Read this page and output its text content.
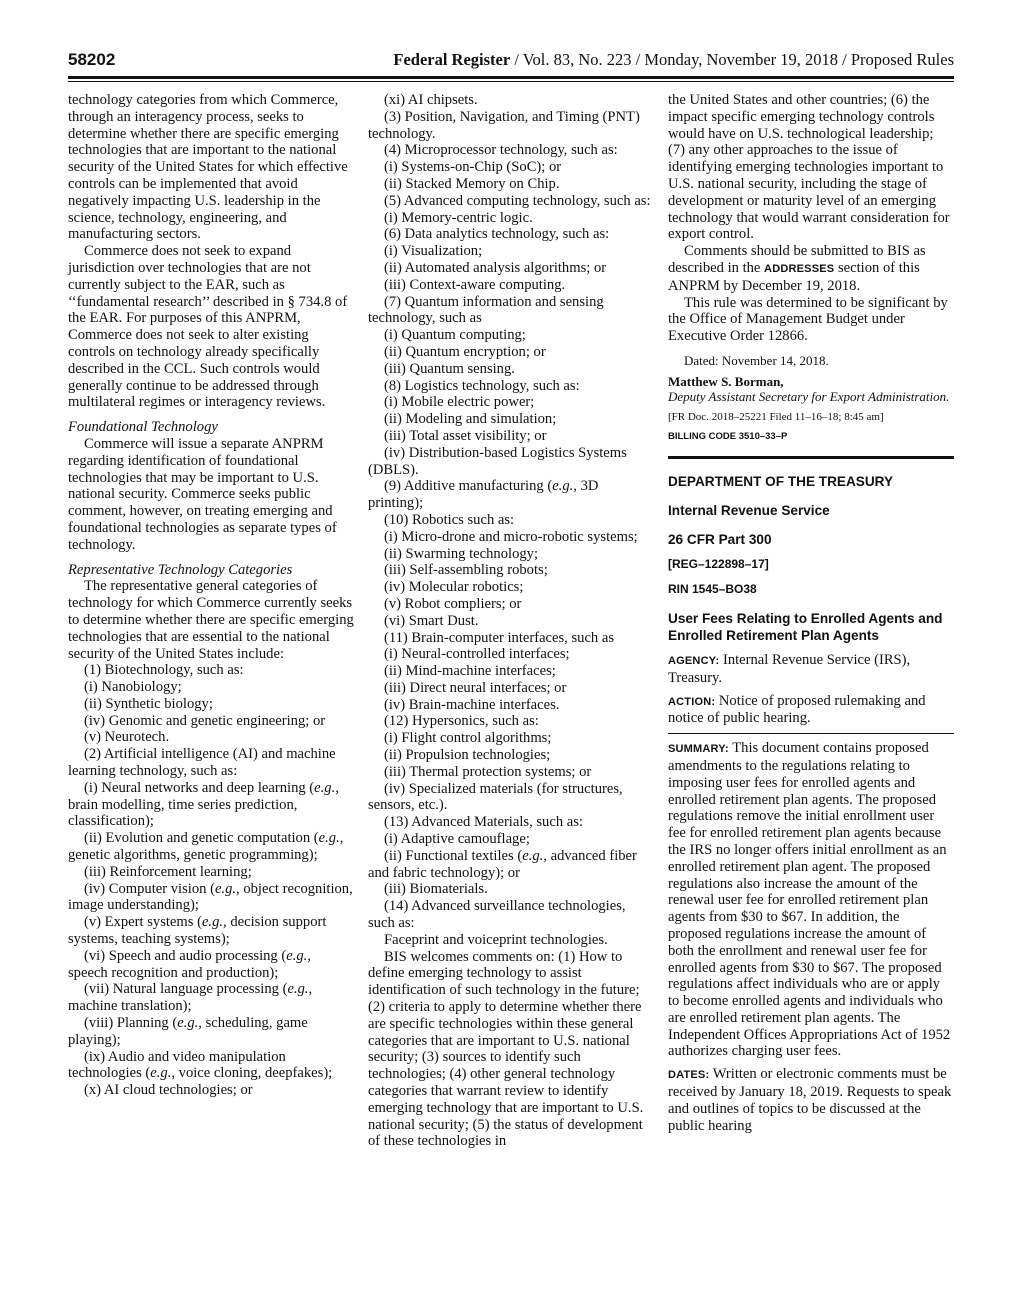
58202	Federal Register / Vol. 83, No. 223 / Monday, November 19, 2018 / Proposed Rules

technology categories from which Commerce, through an interagency process, seeks to determine whether there are specific emerging technologies that are important to the national security of the United States for which effective controls can be implemented that avoid negatively impacting U.S. leadership in the science, technology, engineering, and manufacturing sectors.

Commerce does not seek to expand jurisdiction over technologies that are not currently subject to the EAR, such as ‘‘fundamental research’’ described in § 734.8 of the EAR. For purposes of this ANPRM, Commerce does not seek to alter existing controls on technology already specifically described in the CCL. Such controls would generally continue to be addressed through multilateral regimes or interagency reviews.

Foundational Technology

Commerce will issue a separate ANPRM regarding identification of foundational technologies that may be important to U.S. national security. Commerce seeks public comment, however, on treating emerging and foundational technologies as separate types of technology.

Representative Technology Categories

The representative general categories of technology for which Commerce currently seeks to determine whether there are specific emerging technologies that are essential to the national security of the United States include:

(1) Biotechnology, such as:

(i) Nanobiology;

(ii) Synthetic biology;

(iv) Genomic and genetic engineering; or

(v) Neurotech.

(2) Artificial intelligence (AI) and machine learning technology, such as:

(i) Neural networks and deep learning (e.g., brain modelling, time series prediction, classification);

(ii) Evolution and genetic computation (e.g., genetic algorithms, genetic programming);

(iii) Reinforcement learning;

(iv) Computer vision (e.g., object recognition, image understanding);

(v) Expert systems (e.g., decision support systems, teaching systems);

(vi) Speech and audio processing (e.g., speech recognition and production);

(vii) Natural language processing (e.g., machine translation);

(viii) Planning (e.g., scheduling, game playing);

(ix) Audio and video manipulation technologies (e.g., voice cloning, deepfakes);

(x) AI cloud technologies; or

(xi) AI chipsets.

(3) Position, Navigation, and Timing (PNT) technology.

(4) Microprocessor technology, such as:

(i) Systems-on-Chip (SoC); or

(ii) Stacked Memory on Chip.

(5) Advanced computing technology, such as:

(i) Memory-centric logic.

(6) Data analytics technology, such as:

(i) Visualization;

(ii) Automated analysis algorithms; or

(iii) Context-aware computing.

(7) Quantum information and sensing technology, such as

(i) Quantum computing;

(ii) Quantum encryption; or

(iii) Quantum sensing.

(8) Logistics technology, such as:

(i) Mobile electric power;

(ii) Modeling and simulation;

(iii) Total asset visibility; or

(iv) Distribution-based Logistics Systems (DBLS).

(9) Additive manufacturing (e.g., 3D printing);

(10) Robotics such as:

(i) Micro-drone and micro-robotic systems;

(ii) Swarming technology;

(iii) Self-assembling robots;

(iv) Molecular robotics;

(v) Robot compliers; or

(vi) Smart Dust.

(11) Brain-computer interfaces, such as

(i) Neural-controlled interfaces;

(ii) Mind-machine interfaces;

(iii) Direct neural interfaces; or

(iv) Brain-machine interfaces.

(12) Hypersonics, such as:

(i) Flight control algorithms;

(ii) Propulsion technologies;

(iii) Thermal protection systems; or

(iv) Specialized materials (for structures, sensors, etc.).

(13) Advanced Materials, such as:

(i) Adaptive camouflage;

(ii) Functional textiles (e.g., advanced fiber and fabric technology); or

(iii) Biomaterials.

(14) Advanced surveillance technologies, such as:

Faceprint and voiceprint technologies.

BIS welcomes comments on: (1) How to define emerging technology to assist identification of such technology in the future; (2) criteria to apply to determine whether there are specific technologies within these general categories that are important to U.S. national security; (3) sources to identify such technologies; (4) other general technology categories that warrant review to identify emerging technology that are important to U.S. national security; (5) the status of development of these technologies in

the United States and other countries; (6) the impact specific emerging technology controls would have on U.S. technological leadership; (7) any other approaches to the issue of identifying emerging technologies important to U.S. national security, including the stage of development or maturity level of an emerging technology that would warrant consideration for export control.

Comments should be submitted to BIS as described in the ADDRESSES section of this ANPRM by December 19, 2018.

This rule was determined to be significant by the Office of Management Budget under Executive Order 12866.

Dated: November 14, 2018.

Matthew S. Borman,

Deputy Assistant Secretary for Export Administration.

[FR Doc. 2018–25221 Filed 11–16–18; 8:45 am]

BILLING CODE 3510–33–P

DEPARTMENT OF THE TREASURY

Internal Revenue Service

26 CFR Part 300

[REG–122898–17]

RIN 1545–BO38

User Fees Relating to Enrolled Agents and Enrolled Retirement Plan Agents

AGENCY: Internal Revenue Service (IRS), Treasury.

ACTION: Notice of proposed rulemaking and notice of public hearing.

SUMMARY: This document contains proposed amendments to the regulations relating to imposing user fees for enrolled agents and enrolled retirement plan agents. The proposed regulations remove the initial enrollment user fee for enrolled retirement plan agents because the IRS no longer offers initial enrollment as an enrolled retirement plan agent. The proposed regulations also increase the amount of the renewal user fee for enrolled retirement plan agents from $30 to $67. In addition, the proposed regulations increase the amount of both the enrollment and renewal user fee for enrolled agents from $30 to $67. The proposed regulations affect individuals who are or apply to become enrolled agents and individuals who are enrolled retirement plan agents. The Independent Offices Appropriations Act of 1952 authorizes charging user fees.

DATES: Written or electronic comments must be received by January 18, 2019. Requests to speak and outlines of topics to be discussed at the public hearing
